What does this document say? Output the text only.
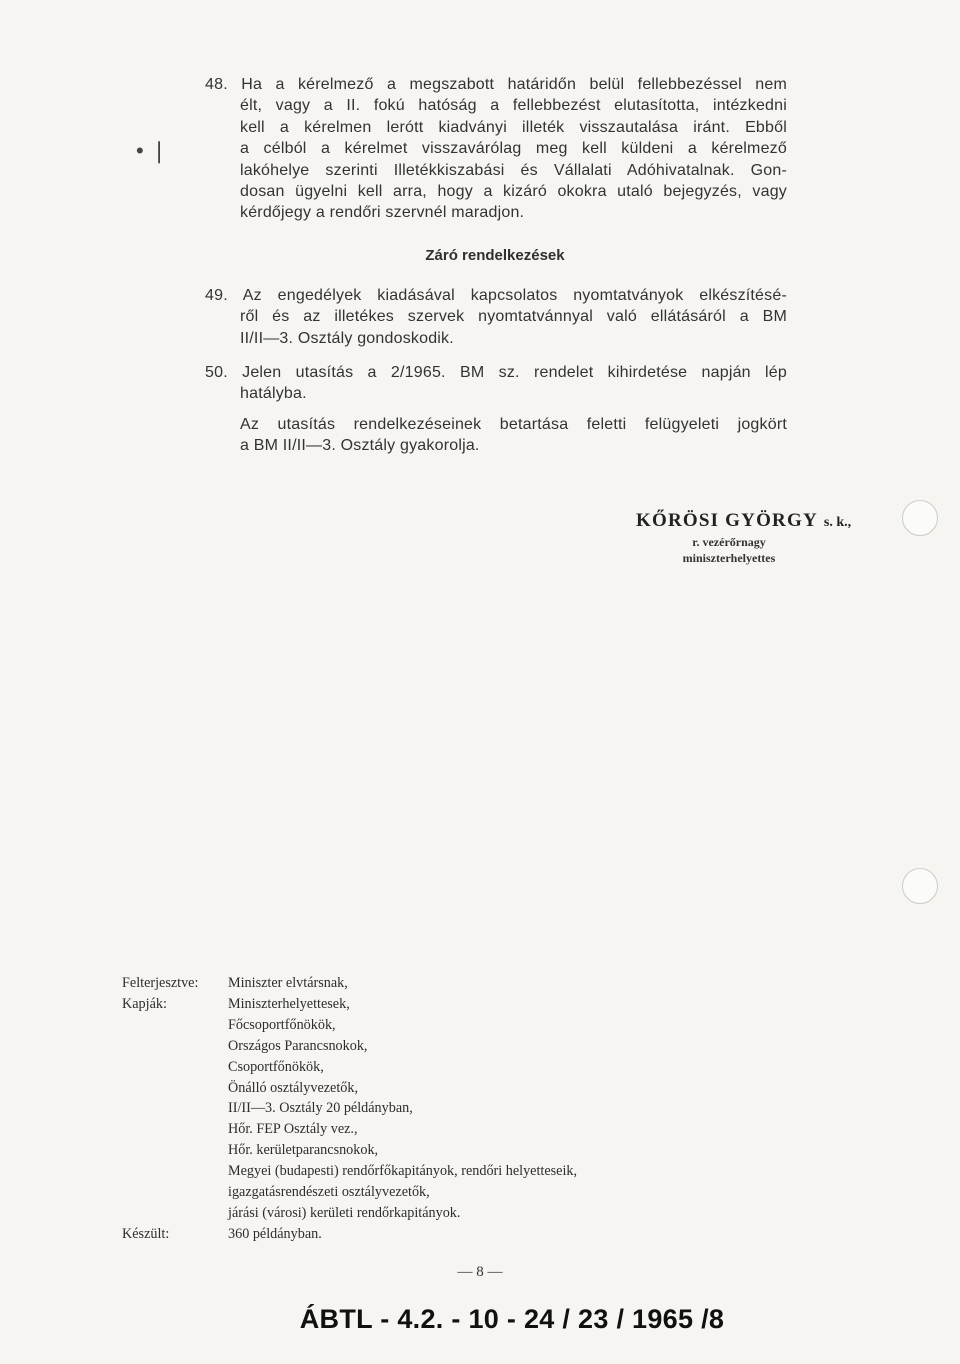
• ❘
48. Ha a kérelmező a megszabott határidőn belül fellebbezéssel nem
élt, vagy a II. fokú hatóság a fellebbezést elutasította, intézkedni
kell a kérelmen lerótt kiadványi illeték visszautalása iránt. Ebből
a célból a kérelmet visszavárólag meg kell küldeni a kérelmező
lakóhelye szerinti Illetékkiszabási és Vállalati Adóhivatalnak. Gon-
dosan ügyelni kell arra, hogy a kizáró okokra utaló bejegyzés, vagy
kérdőjegy a rendőri szervnél maradjon.
Záró rendelkezések
49. Az engedélyek kiadásával kapcsolatos nyomtatványok elkészítésé-
ről és az illetékes szervek nyomtatvánnyal való ellátásáról a BM
II/II—3. Osztály gondoskodik.
50. Jelen utasítás a 2/1965. BM sz. rendelet kihirdetése napján lép
hatályba.
Az utasítás rendelkezéseinek betartása feletti felügyeleti jogkört
a BM II/II—3. Osztály gyakorolja.
KŐRÖSI GYÖRGY s. k.,
r. vezérőrnagy
miniszterhelyettes
Felterjesztve:	Miniszter elvtársnak,
Kapják:	Miniszterhelyettesek,
Főcsoportfőnökök,
Országos Parancsnokok,
Csoportfőnökök,
Önálló osztályvezetők,
II/II—3. Osztály 20 példányban,
Hőr. FEP Osztály vez.,
Hőr. kerületparancsnokok,
Megyei (budapesti) rendőrfőkapitányok, rendőri helyetteseik,
igazgatásrendészeti osztályvezetők,
járási (városi) kerületi rendőrkapitányok.
Készült:	360 példányban.
— 8 —
ÁBTL - 4.2. - 10 - 24 / 23 / 1965 /8
